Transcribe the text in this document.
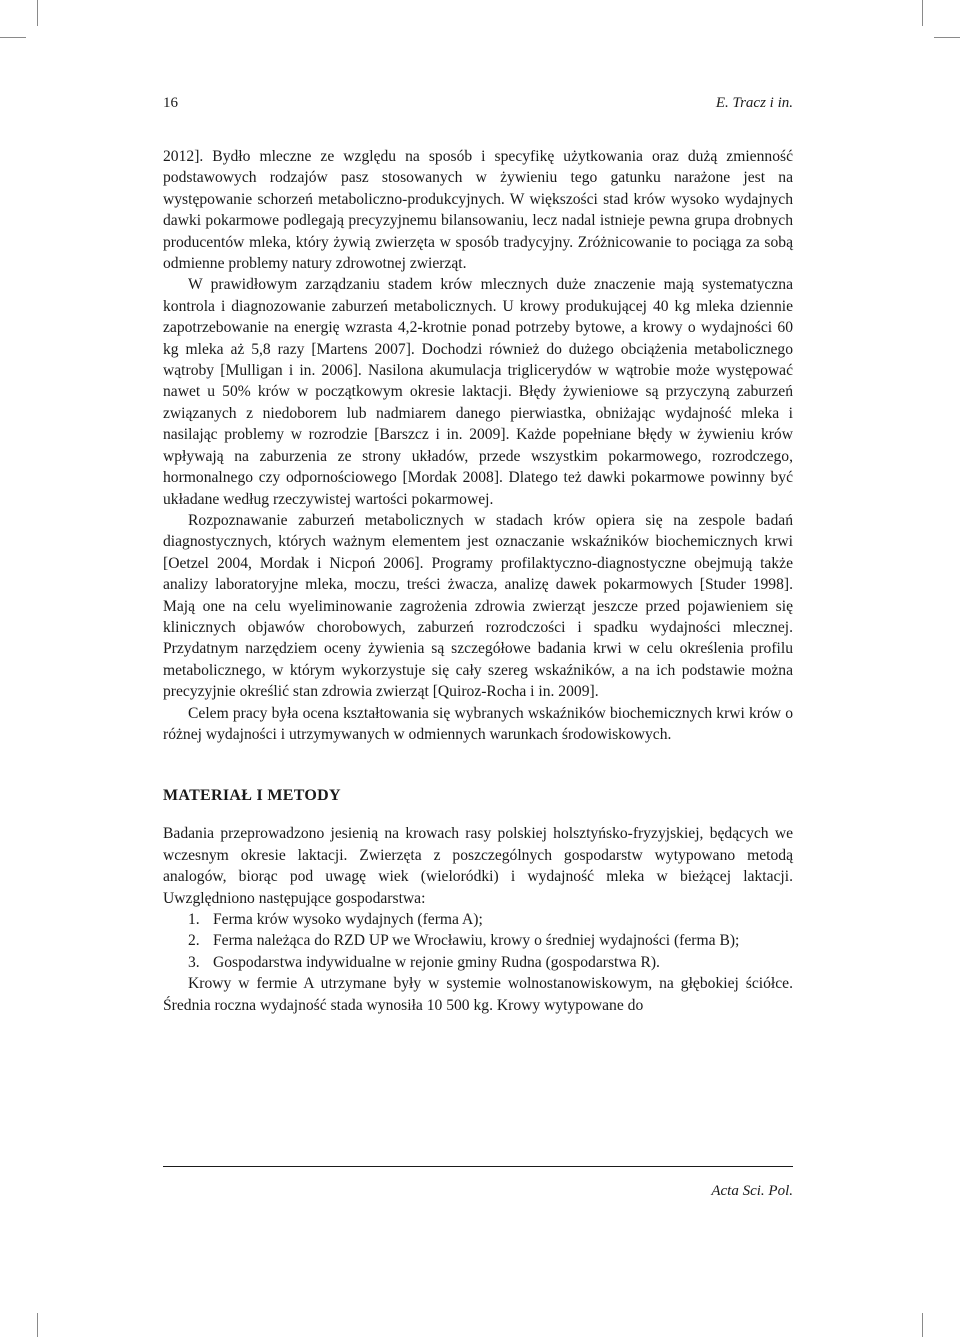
16	E. Tracz i in.

2012]. Bydło mleczne ze względu na sposób i specyfikę użytkowania oraz dużą zmienność podstawowych rodzajów pasz stosowanych w żywieniu tego gatunku narażone jest na występowanie schorzeń metaboliczno-produkcyjnych. W większości stad krów wysoko wydajnych dawki pokarmowe podlegają precyzyjnemu bilansowaniu, lecz nadal istnieje pewna grupa drobnych producentów mleka, który żywią zwierzęta w sposób tradycyjny. Zróżnicowanie to pociąga za sobą odmienne problemy natury zdrowotnej zwierząt.

W prawidłowym zarządzaniu stadem krów mlecznych duże znaczenie mają systematyczna kontrola i diagnozowanie zaburzeń metabolicznych. U krowy produkującej 40 kg mleka dziennie zapotrzebowanie na energię wzrasta 4,2-krotnie ponad potrzeby bytowe, a krowy o wydajności 60 kg mleka aż 5,8 razy [Martens 2007]. Dochodzi również do dużego obciążenia metabolicznego wątroby [Mulligan i in. 2006]. Nasilona akumulacja triglicerydów w wątrobie może występować nawet u 50% krów w początkowym okresie laktacji. Błędy żywieniowe są przyczyną zaburzeń związanych z niedoborem lub nadmiarem danego pierwiastka, obniżając wydajność mleka i nasilając problemy w rozrodzie [Barszcz i in. 2009]. Każde popełniane błędy w żywieniu krów wpływają na zaburzenia ze strony układów, przede wszystkim pokarmowego, rozrodczego, hormonalnego czy odpornościowego [Mordak 2008]. Dlatego też dawki pokarmowe powinny być układane według rzeczywistej wartości pokarmowej.

Rozpoznawanie zaburzeń metabolicznych w stadach krów opiera się na zespole badań diagnostycznych, których ważnym elementem jest oznaczanie wskaźników biochemicznych krwi [Oetzel 2004, Mordak i Nicpoń 2006]. Programy profilaktyczno-diagnostyczne obejmują także analizy laboratoryjne mleka, moczu, treści żwacza, analizę dawek pokarmowych [Studer 1998]. Mają one na celu wyeliminowanie zagrożenia zdrowia zwierząt jeszcze przed pojawieniem się klinicznych objawów chorobowych, zaburzeń rozrodczości i spadku wydajności mlecznej. Przydatnym narzędziem oceny żywienia są szczegółowe badania krwi w celu określenia profilu metabolicznego, w którym wykorzystuje się cały szereg wskaźników, a na ich podstawie można precyzyjnie określić stan zdrowia zwierząt [Quiroz-Rocha i in. 2009].

Celem pracy była ocena kształtowania się wybranych wskaźników biochemicznych krwi krów o różnej wydajności i utrzymywanych w odmiennych warunkach środowiskowych.

MATERIAŁ I METODY

Badania przeprowadzono jesienią na krowach rasy polskiej holsztyńsko-fryzyjskiej, będących we wczesnym okresie laktacji. Zwierzęta z poszczególnych gospodarstw wytypowano metodą analogów, biorąc pod uwagę wiek (wieloródki) i wydajność mleka w bieżącej laktacji. Uwzględniono następujące gospodarstwa:

1. Ferma krów wysoko wydajnych (ferma A);
2. Ferma należąca do RZD UP we Wrocławiu, krowy o średniej wydajności (ferma B);
3. Gospodarstwa indywidualne w rejonie gminy Rudna (gospodarstwa R).

Krowy w fermie A utrzymane były w systemie wolnostanowiskowym, na głębokiej ściółce. Średnia roczna wydajność stada wynosiła 10 500 kg. Krowy wytypowane do

Acta Sci. Pol.
